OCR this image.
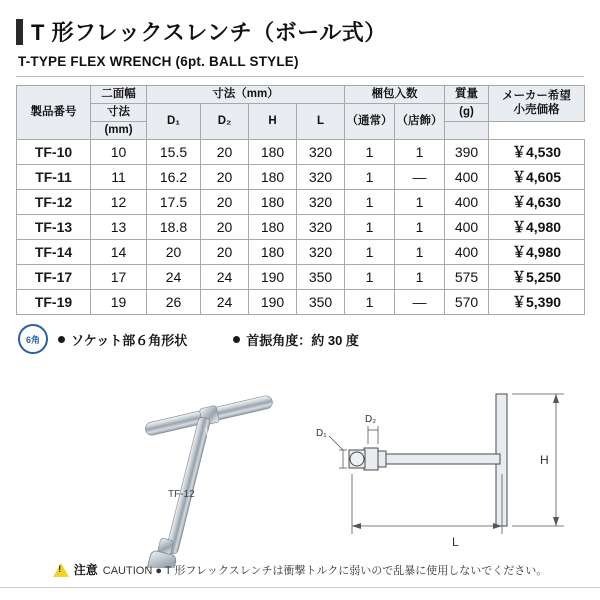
T 形フレックスレンチ（ボール式）
T-TYPE FLEX WRENCH (6pt. BALL STYLE)
製品番号	二面幅	寸法（mm）				梱包入数		質量	メーカー希望
小売価格

	寸法	D₁	D₂	H	L	（通常）	（店飾）	(g)	
	(mm)								
TF-10	10	15.5	20	180	320	1	1	390	￥4,530
TF-11	11	16.2	20	180	320	1	—	400	￥4,605
TF-12	12	17.5	20	180	320	1	1	400	￥4,630
TF-13	13	18.8	20	180	320	1	1	400	￥4,980
TF-14	14	20	20	180	320	1	1	400	￥4,980
TF-17	17	24	24	190	350	1	1	575	￥5,250
TF-19	19	26	24	190	350	1	—	570	￥5,390
6角	ソケット部６角形状	首振角度：約 30 度
D₁
D₂
L
H
TF-12
!
注意 CAUTION ● T 形フレックスレンチは衝撃トルクに弱いので乱暴に使用しないでください。
